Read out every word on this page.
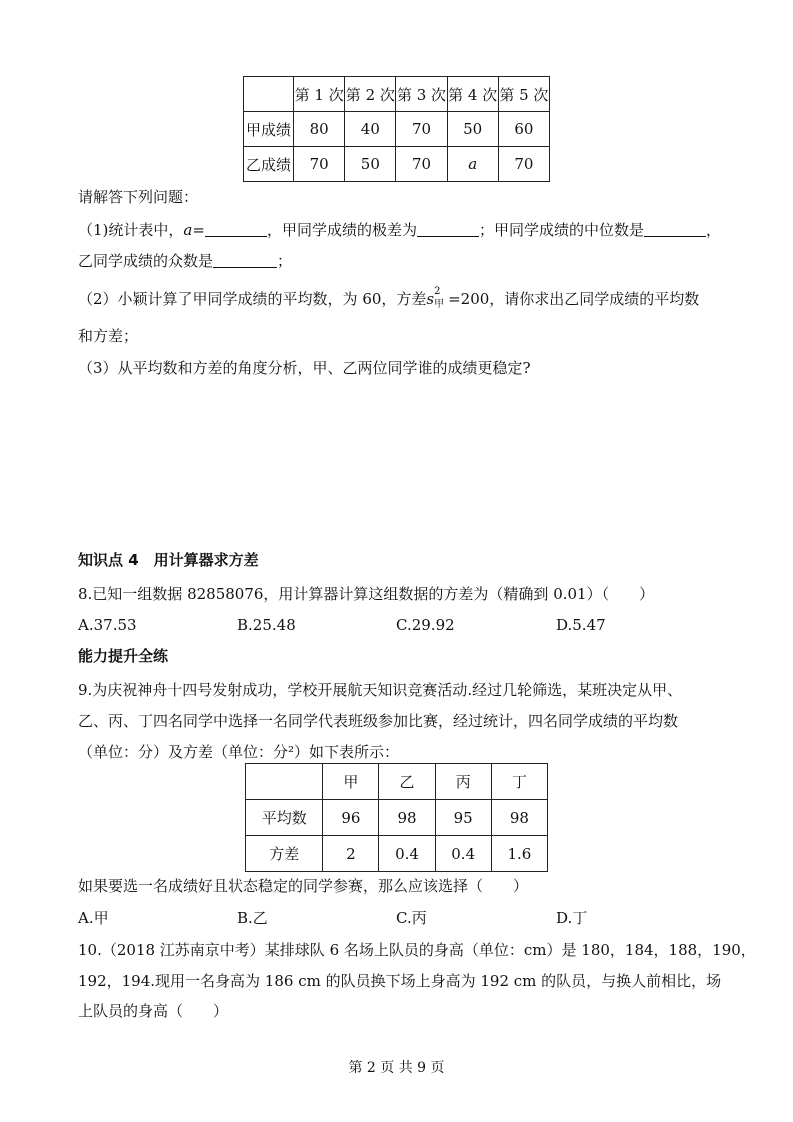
	第 1 次	第 2 次	第 3 次	第 4 次	第 5 次
甲成绩	80	40	70	50	60
乙成绩	70	50	70	a	70
请解答下列问题：
（1)统计表中，a=	，甲同学成绩的极差为	；甲同学成绩的中位数是	，
乙同学成绩的众数是	；
（2）小颖计算了甲同学成绩的平均数，为 60，方差s 2
甲 =200，请你求出乙同学成绩的平均数
和方差；
（3）从平均数和方差的角度分析，甲、乙两位同学谁的成绩更稳定?
知识点 4　用计算器求方差
8.已知一组数据 82858076，用计算器计算这组数据的方差为（精确到 0.01）（　　）
A.37.53	B.25.48	C.29.92	D.5.47
能力提升全练
9.为庆祝神舟十四号发射成功，学校开展航天知识竞赛活动.经过几轮筛选，某班决定从甲、
乙、丙、丁四名同学中选择一名同学代表班级参加比赛，经过统计，四名同学成绩的平均数
（单位：分）及方差（单位：分²）如下表所示：
	甲	乙	丙	丁
平均数	96	98	95	98
方差	2	0.4	0.4	1.6
如果要选一名成绩好且状态稳定的同学参赛，那么应该选择（　　）
A.甲	B.乙	C.丙	D.丁
10.（2018 江苏南京中考）某排球队 6 名场上队员的身高（单位：cm）是 180，184，188，190，
192，194.现用一名身高为 186 cm 的队员换下场上身高为 192 cm 的队员，与换人前相比，场
上队员的身高（　　）
第 2 页 共 9 页
